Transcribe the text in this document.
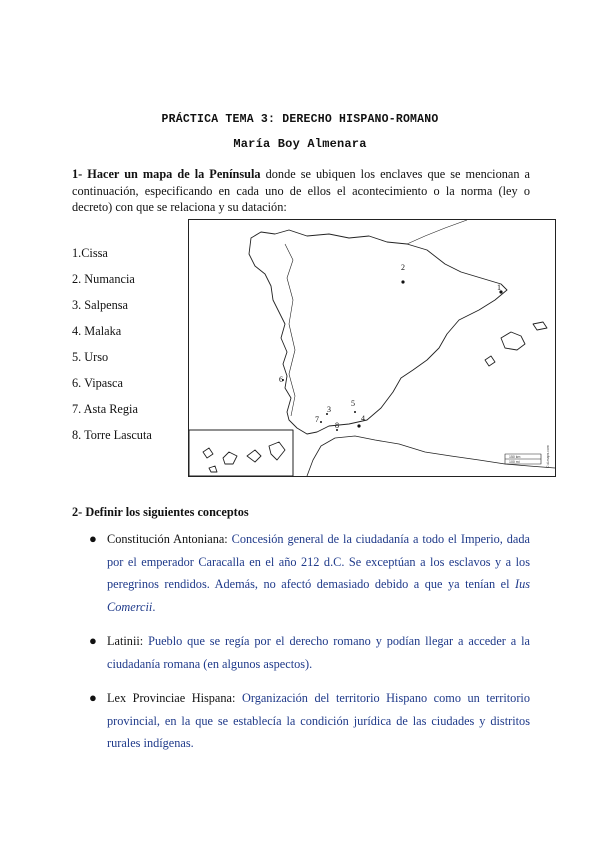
PRÁCTICA TEMA 3: DERECHO HISPANO-ROMANO
María Boy Almenara
1- Hacer un mapa de la Península donde se ubiquen los enclaves que se mencionan a continuación, especificando en cada uno de ellos el acontecimiento o la norma (ley o decreto) con que se relaciona y su datación:
1.Cissa
2. Numancia
3. Salpensa
4. Malaka
5. Urso
6. Vipasca
7. Asta Regia
8. Torre Lascuta
1
2
3
4
5
6
7
8
150 km
100 mi	© d-maps.com
2- Definir los siguientes conceptos
● Constitución Antoniana: Concesión general de la ciudadanía a todo el Imperio, dada por el emperador Caracalla en el año 212 d.C. Se exceptúan a los esclavos y a los peregrinos rendidos. Además, no afectó demasiado debido a que ya tenían el Ius Comercii.
● Latinii: Pueblo que se regía por el derecho romano y podían llegar a acceder a la ciudadanía romana (en algunos aspectos).
● Lex Provinciae Hispana: Organización del territorio Hispano como un territorio provincial, en la que se establecía la condición jurídica de las ciudades y distritos rurales indígenas.
